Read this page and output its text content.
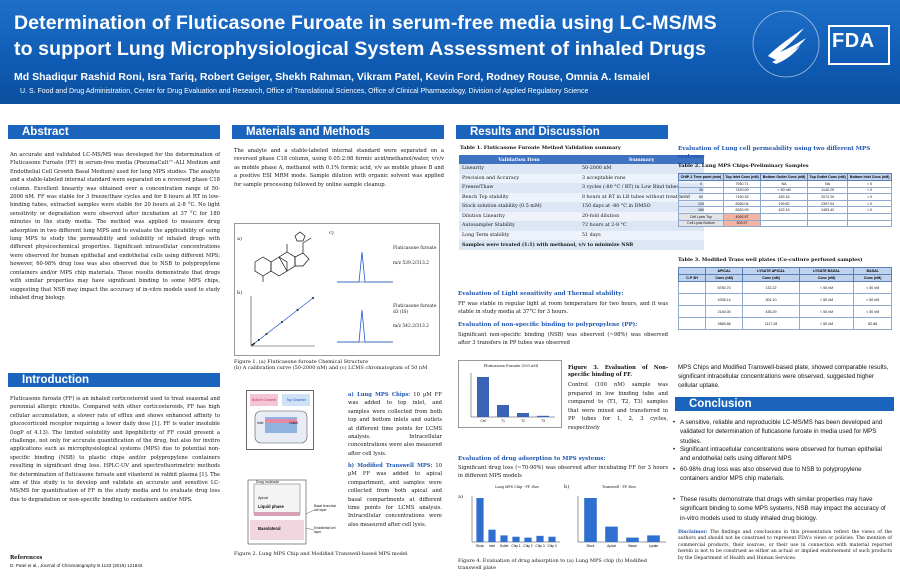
Determination of Fluticasone Furoate in serum-free media using LC-MS/MS
to support Lung Microphysiological System Assessment of inhaled Drugs
Md Shadiqur Rashid Roni, Isra Tariq, Robert Geiger, Shekh Rahman, Vikram Patel, Kevin Ford, Rodney Rouse, Omnia A. Ismaiel
U. S. Food and Drug Administration, Center for Drug Evaluation and Research, Office of Translational Sciences, Office of Clinical Pharmacology, Division of Applied Regulatory Science
FDA
Abstract
An accurate and validated LC-MS/MS was developed for the determination of Fluticasone Furoate (FF) in serum-free media (PneumaCult™-ALI Medium and Endothelial Cell Growth Basal Medium) used for lung MPS studies. The analyte and a stable-labeled internal standard were separated on a reversed phase C18 column. Excellent linearity was obtained over a concentration range of 50-2000 nM. FF was stable for 3 freeze/thaw cycles and for 8 hours at RT in low-binding tubes, extracted samples were stable for 20 hours at 2-8 °C. No light sensitivity or degradation were observed after incubation at 37 °C for 180 minutes in the study media. The method was applied to measure drug adsorption in two different lung MPS and to evaluate the applicability of using lung MPS to study the permeability and solubility of inhaled drugs with different physicochemical properties. Significant intracellular concentrations were observed for human epithelial and endothelial cells using different MPS; however, 60-98% drug loss was also observed due to NSB to polypropylene containers and/or MPS chip materials. These results demonstrate that drugs with similar properties may have significant binding to some MPS chips, suggesting that NSB may impact the accuracy of in-vitro models used to study inhaled drug biology.
Introduction
Fluticasone furoate (FF) is an inhaled corticosteroid used to treat seasonal and perennial allergic rhinitis. Compared with other corticosteroids, FF has high cellular accumulation, a slower rate of efflux and shows enhanced affinity to glucocorticoid receptor requiring a lower daily dose [1]. FF is water insoluble (logP of 4.13). The limited solubility and lipophilicity of FF could present a challenge, not only for accurate quantification of the drug, but also for invitro applications such as microphysiological systems (MPS) due to potential non-specific binding (NSB) to plastic chips and/or polypropylene containers resulting in significant drug loss. HPLC-UV and spectrofluorimetric methods for determination of fluticasone furoate and vilanterol in rabbit plasma [1]. The aim of this study is to develop and validate an accurate and sensitive LC-MS/MS for quantification of FF in the study media and to evaluate drug loss due to degradation or non-specific binding to containers and/or MPS.
References
D. Patel et al., Journal of Chromatography B 1132 (2019) 121843
Materials and Methods
The analyte and a stable-labeled internal standard were separated on a reversed phase C18 column, using 0.05:2:98 formic acid/methanol/water, v/v/v as mobile phase A, methanol with 0.1% formic acid, v/v as mobile phase B and a positive ESI MRM mode. Sample dilution with organic solvent was applied for sample processing followed by online sample cleanup.
a)
b)
c)
Fluticasone furoate
m/z 539.2/313.2
Fluticasone furoate d3 (IS)
m/z 542.2/313.2
Figure 1. (a) Fluticasone furoate Chemical Structure
(b) A calibration curve (50-2000 nM) and (c) LCMS chromatogram of 50 nM
Bottom Channel	Top Channel
Inlet	Outlet
Drug molecule
Apical
Liquid phase	Basal bronchial cell layer
Basolateral	Endothelial cell layer
a) Lung MPS Chips: 10 µM FF was added to top inlet, and samples were collected from both top and bottom inlets and outlets at different time points for LCMS analysis. Intracellular concentrations were also measured after cell lysis.
b) Modified Transwell MPS: 10 µM FF was added to apical compartment, and samples were collected from both apical and basal compartments at different time points for LCMS analysis. Intracellular concentrations were also measured after cell lysis.
Figure 2. Lung MPS Chip and Modified Transwell-based MPS model
Results and Discussion
Table 1. Fluticasone Furoate Method Validation summary
Validation Item	Summary
Linearity	50-2000 nM
Precision and Accuracy	3 acceptable runs
Freeze/Thaw	3 cycles (-80 °C / RT) in Low Bind tubes
Bench Top stability	8 hours at RT in LB tubes without treatment
Stock solution stability (0.5 mM)	150 days at -80 °C in DMSO
Dilution Linearity	20-fold dilution
Autosampler Stability	72 hours at 2-8 °C
Long Term stability	51 days
Samples were treated (1:1) with methanol, v/v to minimize NSB	
Evaluation of Light sensitivity and Thermal stability:
FF was stable in regular light at room temperature for two hours, and it was stable in study media at 37°C for 3 hours.
Evaluation of non-specific binding to polypropylene (PP):
Significant non-specific binding (NSB) was observed (~98%) was observed after 3 transfers in PP tubes was observed
Fluticasone Furoate (100 nM)
Ctrl	T1	T2	T3
Figure 3. Evaluation of Non-specific binding of FF.
Control (100 nM) sample was prepared in low binding tube and compared to (T1, T2, T3) samples that were mixed and transferred in PP tubes for 1, 2, 3 cycles, respectively
Evaluation of drug adsorption to MPS systems:
Significant drug loss (~70-90%) was observed after incubating FF for 3 hours in different MPS models
a)
b)
Lung MPS Chip - FF 3hrs	Transwell - FF 3hrs
Stock Inlet Outlet Chip 1 Chip 2 Chip 3 Chip 4	Stock	Apical	Basal	Lysate
Figure 4. Evaluation of drug adsorption to (a) Lung MPS chip (b) Modified transwell plate
Evaluation of Lung cell permeability using two different MPS systems:
Table 2. Lung MPS Chips-Preliminary Samples
CHIP-1 Time point (min)	Top Inlet Conc (nM)	Bottom Outlet Conc (nM)	Top Outlet Conc (nM)	Bottom Inlet Conc (nM)
0	7930.71	NA	NA	< 0
30	7420.09	< 50 nM	1140.25	< 0
60	7150.33	183.16	2072.20	< 0
120	8266.04	199.82	2397.04	< 0
180	6320.09	422.43	2453.42	< 0
Cell Lysis Top	4092.97			
Cell Lysis Bottom	303.97			
Table 3. Modified Trans well plates (Co-culture perfused samples)
	APICAL	LYSATE APICAL	LYSATE BASAL	BASAL
C-P 3H	Conc (nM)	Conc (nM)	Conc (nM)	Conc (nM)
	6760.70	132.22	< 50 nM	< 50 nM
	4336.14	304.10	< 50 nM	< 50 nM
	2140.00	436.29	< 50 nM	< 50 nM
	2883.88	1117.28	< 50 nM	82.88
MPS Chips and Modified Transwell-based plate, showed comparable results, significant intracellular concentrations were observed, suggested higher cellular uptake.
Conclusion
• A sensitive, reliable and reproducible LC-MS/MS has been developed and validated for determination of fluticasone furoate in media used for MPS studies.
• Significant intracellular concentrations were observed for human epithelial and endothelial cells using different MPS
• 60-98% drug loss was also observed due to NSB to polypropylene containers and/or MPS chip materials.
• These results demonstrate that drugs with similar properties may have significant binding to some MPS systems, NSB may impact the accuracy of in-vitro models used to study inhaled drug biology.
Disclaimer: The findings and conclusions in this presentation reflect the views of the authors and should not be construed to represent FDA's views or policies. The mention of commercial products, their sources, or their use in connection with material reported herein is not to be construed as either an actual or implied endorsement of such products by the Department of Health and Human Services.
